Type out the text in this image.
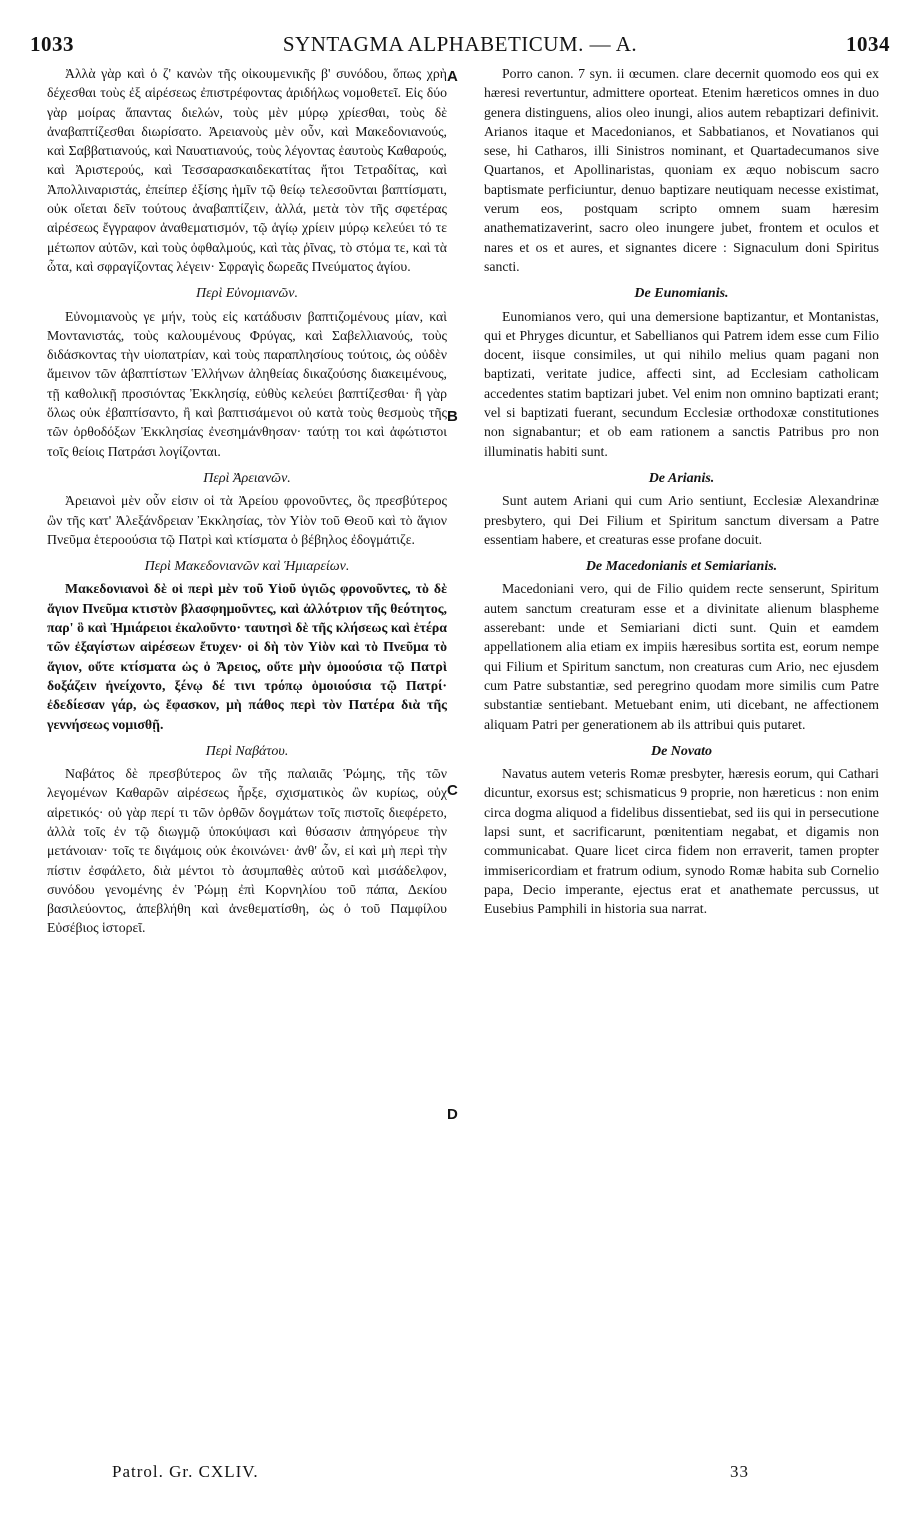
1033	SYNTAGMA ALPHABETICUM. — A.	1034

Ἀλλὰ γὰρ καὶ ὁ ζ' κανὼν τῆς οἰκουμενικῆς β' συνόδου, ὅπως χρὴ δέχεσθαι τοὺς ἐξ αἱρέσεως ἐπιστρέφοντας ἀριδήλως νομοθετεῖ. Εἰς δύο γὰρ μοίρας ἅπαντας διελών, τοὺς μὲν μύρῳ χρίεσθαι, τοὺς δὲ ἀναβαπτίζεσθαι διωρίσατο. Ἀρειανοὺς μὲν οὖν, καὶ Μακεδονιανούς, καὶ Σαββατιανούς, καὶ Ναυατιανούς, τοὺς λέγοντας ἑαυτοὺς Καθαρούς, καὶ Ἀριστερούς, καὶ Τεσσαρασκαιδεκατίτας ἤτοι Τετραδίτας, καὶ Ἀπολλιναριστάς, ἐπείπερ ἐξίσης ἡμῖν τῷ θείῳ τελεσοῦνται βαπτίσματι, οὐκ οἴεται δεῖν τούτους ἀναβαπτίζειν, ἀλλά, μετὰ τὸν τῆς σφετέρας αἱρέσεως ἔγγραφον ἀναθεματισμόν, τῷ ἁγίῳ χρίειν μύρῳ κελεύει τό τε μέτωπον αὐτῶν, καὶ τοὺς ὀφθαλμούς, καὶ τὰς ῥῖνας, τὸ στόμα τε, καὶ τὰ ὦτα, καὶ σφραγίζοντας λέγειν· Σφραγὶς δωρεᾶς Πνεύματος ἁγίου.

Περὶ Εὐνομιανῶν.

Εὐνομιανοὺς γε μήν, τοὺς εἰς κατάδυσιν βαπτιζομένους μίαν, καὶ Μοντανιστάς, τοὺς καλουμένους Φρύγας, καὶ Σαβελλιανούς, τοὺς διδάσκοντας τὴν υἱοπατρίαν, καὶ τοὺς παραπλησίους τούτοις, ὡς οὐδὲν ἄμεινον τῶν ἀβαπτίστων Ἑλλήνων ἀληθείας δικαζούσης διακειμένους, τῇ καθολικῇ προσιόντας Ἐκκλησίᾳ, εὐθὺς κελεύει βαπτίζεσθαι· ἢ γὰρ ὅλως οὐκ ἐβαπτίσαντο, ἢ καὶ βαπτισάμενοι οὐ κατὰ τοὺς θεσμοὺς τῆς τῶν ὀρθοδόξων Ἐκκλησίας ἐνεσημάνθησαν· ταύτῃ τοι καὶ ἀφώτιστοι τοῖς θείοις Πατράσι λογίζονται.

Περὶ Ἀρειανῶν.

Ἀρειανοὶ μὲν οὖν εἰσιν οἱ τὰ Ἀρείου φρονοῦντες, ὃς πρεσβύτερος ὢν τῆς κατ' Ἀλεξάνδρειαν Ἐκκλησίας, τὸν Υἱὸν τοῦ Θεοῦ καὶ τὸ ἅγιον Πνεῦμα ἑτεροούσια τῷ Πατρὶ καὶ κτίσματα ὁ βέβηλος ἐδογμάτιζε.

Περὶ Μακεδονιανῶν καὶ Ἡμιαρείων.

Μακεδονιανοὶ δὲ οἱ περὶ μὲν τοῦ Υἱοῦ ὑγιῶς φρονοῦντες, τὸ δὲ ἅγιον Πνεῦμα κτιστὸν βλασφημοῦντες, καὶ ἀλλότριον τῆς θεότητος, παρ' ὃ καὶ Ἡμιάρειοι ἐκαλοῦντο· ταυτησὶ δὲ τῆς κλήσεως καὶ ἑτέρα τῶν ἐξαγίστων αἱρέσεων ἔτυχεν· οἱ δὴ τὸν Υἱὸν καὶ τὸ Πνεῦμα τὸ ἅγιον, οὔτε κτίσματα ὡς ὁ Ἄρειος, οὔτε μὴν ὁμοούσια τῷ Πατρὶ δοξάζειν ἠνείχοντο, ξένῳ δέ τινι τρόπῳ ὁμοιούσια τῷ Πατρί· ἐδεδίεσαν γάρ, ὡς ἔφασκον, μὴ πάθος περὶ τὸν Πατέρα διὰ τῆς γεννήσεως νομισθῇ.

Περὶ Ναβάτου.

Ναβάτος δὲ πρεσβύτερος ὢν τῆς παλαιᾶς Ῥώμης, τῆς τῶν λεγομένων Καθαρῶν αἱρέσεως ἦρξε, σχισματικὸς ὢν κυρίως, οὐχ αἱρετικός· οὐ γὰρ περί τι τῶν ὀρθῶν δογμάτων τοῖς πιστοῖς διεφέρετο, ἀλλὰ τοῖς ἐν τῷ διωγμῷ ὑποκύψασι καὶ θύσασιν ἀπηγόρευε τὴν μετάνοιαν· τοῖς τε διγάμοις οὐκ ἐκοινώνει· ἀνθ' ὧν, εἰ καὶ μὴ περὶ τὴν πίστιν ἐσφάλετο, διὰ μέντοι τὸ ἀσυμπαθὲς αὐτοῦ καὶ μισάδελφον, συνόδου γενομένης ἐν Ῥώμῃ ἐπὶ Κορνηλίου τοῦ πάπα, Δεκίου βασιλεύοντος, ἀπεβλήθη καὶ ἀνεθεματίσθη, ὡς ὁ τοῦ Παμφίλου Εὐσέβιος ἱστορεῖ.

A
B
C
D

Porro canon. 7 syn. ii œcumen. clare decernit quomodo eos qui ex hæresi revertuntur, admittere oporteat. Etenim hæreticos omnes in duo genera distinguens, alios oleo inungi, alios autem rebaptizari definivit. Arianos itaque et Macedonianos, et Sabbatianos, et Novatianos qui sese, hi Catharos, illi Sinistros nominant, et Quartadecumanos sive Quartanos, et Apollinaristas, quoniam ex æquo nobiscum sacro baptismate perficiuntur, denuo baptizare neutiquam necesse existimat, verum eos, postquam scripto omnem suam hæresim anathematizaverint, sacro oleo inungere jubet, frontem et oculos et nares et os et aures, et signantes dicere : Signaculum doni Spiritus sancti.

De Eunomianis.

Eunomianos vero, qui una demersione baptizantur, et Montanistas, qui et Phryges dicuntur, et Sabellianos qui Patrem idem esse cum Filio docent, iisque consimiles, ut qui nihilo melius quam pagani non baptizati, veritate judice, affecti sint, ad Ecclesiam catholicam accedentes statim baptizari jubet. Vel enim non omnino baptizati erant; vel si baptizati fuerant, secundum Ecclesiæ orthodoxæ constitutiones non signabantur; et ob eam rationem a sanctis Patribus pro non illuminatis habiti sunt.

De Arianis.

Sunt autem Ariani qui cum Ario sentiunt, Ecclesiæ Alexandrinæ presbytero, qui Dei Filium et Spiritum sanctum diversam a Patre essentiam habere, et creaturas esse profane docuit.

De Macedonianis et Semiarianis.

Macedoniani vero, qui de Filio quidem recte senserunt, Spiritum autem sanctum creaturam esse et a divinitate alienum blaspheme asserebant: unde et Semiariani dicti sunt. Quin et eamdem appellationem alia etiam ex impiis hæresibus sortita est, eorum nempe qui Filium et Spiritum sanctum, non creaturas cum Ario, nec ejusdem cum Patre substantiæ, sed peregrino quodam more similis cum Patre substantiæ sentiebant. Metuebant enim, uti dicebant, ne affectionem aliquam Patri per generationem ab ils attribui quis putaret.

De Novato

Navatus autem veteris Romæ presbyter, hæresis eorum, qui Cathari dicuntur, exorsus est; schismaticus 9 proprie, non hæreticus : non enim circa dogma aliquod a fidelibus dissentiebat, sed iis qui in persecutione lapsi sunt, et sacrificarunt, pœnitentiam negabat, et digamis non communicabat. Quare licet circa fidem non erraverit, tamen propter immisericordiam et fratrum odium, synodo Romæ habita sub Cornelio papa, Decio imperante, ejectus erat et anathemate percussus, ut Eusebius Pamphili in historia sua narrat.

Patrol. Gr. CXLIV.	33
